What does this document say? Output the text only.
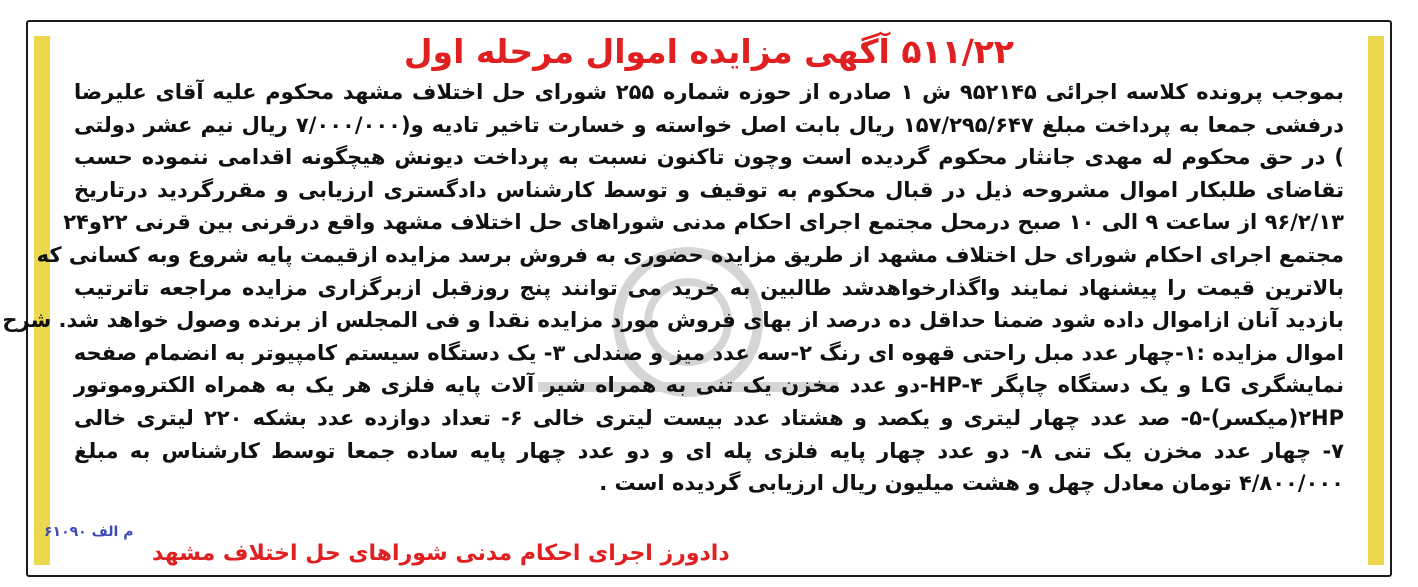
۵۱۱/۲۲ آگهی مزایده اموال مرحله اول
بموجب پرونده کلاسه اجرائی ۹۵۲۱۴۵ ش ۱ صادره از حوزه شماره ۲۵۵ شورای حل اختلاف مشهد محکوم علیه آقای علیرضا
درفشی جمعا به پرداخت مبلغ ۱۵۷/۲۹۵/۶۴۷ ریال بابت اصل خواسته و خسارت تاخیر تادیه و(۷/۰۰۰/۰۰۰ ریال نیم عشر دولتی
) در حق محکوم له مهدی جانثار محکوم گردیده است وچون تاکنون نسبت به پرداخت دیونش هیچگونه اقدامی ننموده حسب
تقاضای طلبکار اموال مشروحه ذیل در قبال محکوم به توقیف و توسط کارشناس دادگستری ارزیابی و مقررگردید درتاریخ
۹۶/۲/۱۳ از ساعت ۹ الی ۱۰ صبح درمحل مجتمع اجرای احکام مدنی شوراهای حل اختلاف مشهد واقع درقرنی بین قرنی ۲۲و۲۴
مجتمع اجرای احکام شورای حل اختلاف مشهد از طریق مزایده حضوری به فروش برسد مزایده ازقیمت پایه شروع وبه کسانی که
بالاترین قیمت را پیشنهاد نمایند واگذارخواهدشد طالبین به خرید می توانند پنج روزقبل ازبرگزاری مزایده مراجعه تاترتیب
بازدید آنان ازاموال داده شود ضمنا حداقل ده درصد از بهای فروش مورد مزایده نقدا و فی المجلس از برنده وصول خواهد شد. شرح
اموال مزایده :۱-چهار عدد مبل راحتی قهوه ای رنگ ۲-سه عدد میز و صندلی ۳- یک دستگاه سیستم کامپیوتر به انضمام صفحه
نمایشگری LG و یک دستگاه چاپگر HP-۴-دو عدد مخزن یک تنی به همراه شیر آلات پایه فلزی هر یک به همراه الکتروموتور
۲HP(میکسر)-۵- صد عدد چهار لیتری و یکصد و هشتاد عدد بیست لیتری خالی ۶- تعداد دوازده عدد بشکه ۲۲۰ لیتری خالی
۷- چهار عدد مخزن یک تنی ۸- دو عدد چهار پایه فلزی پله ای و دو عدد چهار پایه ساده جمعا توسط کارشناس به مبلغ
۴/۸۰۰/۰۰۰ تومان معادل چهل و هشت میلیون ریال ارزیابی گردیده است .
م الف ۶۱۰۹۰
دادورز اجرای احکام مدنی شوراهای حل اختلاف مشهد
